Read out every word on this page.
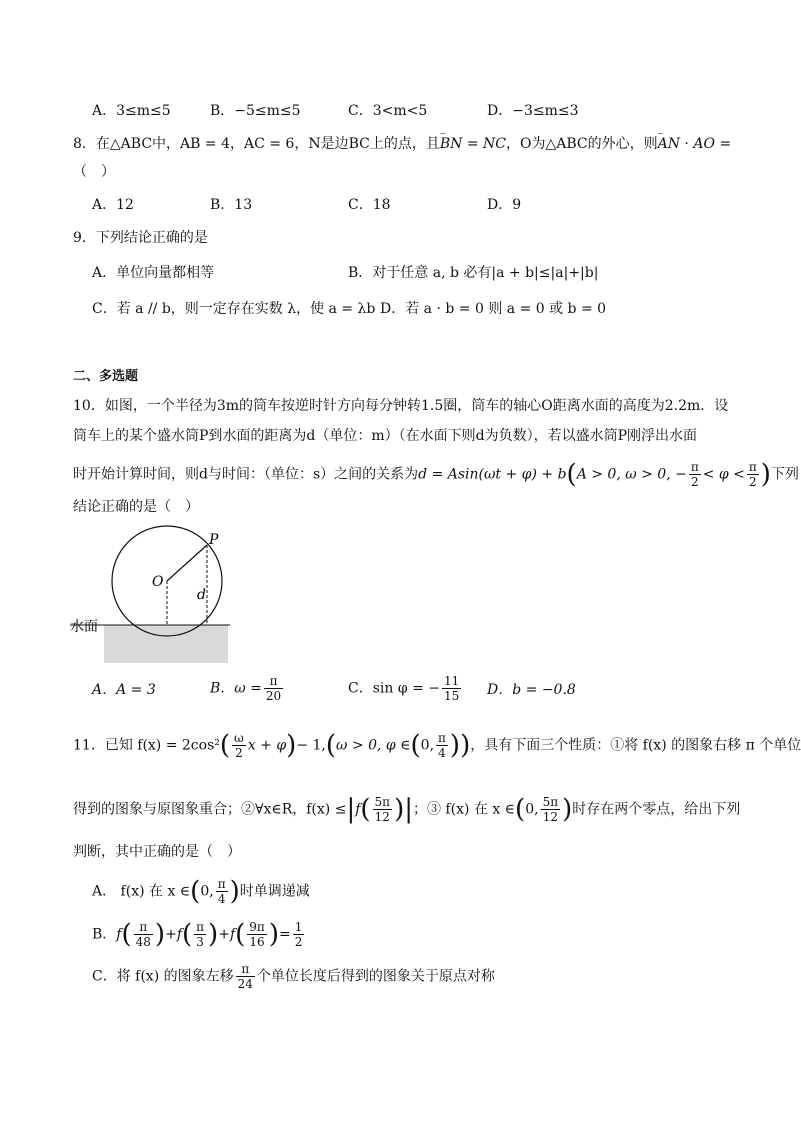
A．3≤m≤5	B．−5≤m≤5	C．3<m<5	D．−3≤m≤3
8．在△ABC中，AB = 4，AC = 6，N是边BC上的点，且⌣ BN = NC，O为△ABC的外心，则⌣ AN · AO =
（　）
A．12	B．13	C．18	D．9
9．下列结论正确的是
A．单位向量都相等	B．对于任意 a, b 必有|a + b|≤|a|+|b|
C．若 a // b，则一定存在实数 λ，使 a = λb D．若 a · b = 0 则 a = 0 或 b = 0
二、多选题
10．如图，一个半径为3m的筒车按逆时针方向每分钟转1.5圈，筒车的轴心O距离水面的高度为2.2m．设
筒车上的某个盛水筒P到水面的距离为d（单位：m）（在水面下则d为负数），若以盛水筒P刚浮出水面
时开始计算时间，则d与时间：（单位：s）之间的关系为d = Asin(ωt + φ) + b(A > 0, ω > 0, − $\frac{\pi}{2} < \varphi < \frac{\pi}{2}$ )下列
结论正确的是（　）
P
O
d
水面
A．A = 3	B．$\omega = \frac{\pi}{20}$	C．sin φ = − $\frac{11}{15}$ D．b = −0.8
11．已知 $f(x) = 2\cos^2( \frac{\omega}{2}$ x + φ)− 1,(ω > 0, φ ∈(0, $\frac{\pi}{4}$ ))，具有下面三个性质：①将 f(x) 的图象右移 π 个单位
得到的图象与原图象重合；②∀x∈R，$f(x) \le|f( \frac{5\pi}{12}$ )|；③ f(x) 在 x ∈(0, $\frac{5\pi}{12}$ )时存在两个零点，给出下列
判断，其中正确的是（　）
A． f(x) 在 x ∈(0, $\frac{\pi}{4}$ )时单调递减
B．$f( \frac{\pi}{48} )+f( \frac{\pi}{3} )+f( \frac{9\pi}{16}$ )= $\frac{1}{2}$
C．将 f(x) 的图象左移 $\frac{\pi}{24}$ 个单位长度后得到的图象关于原点对称
